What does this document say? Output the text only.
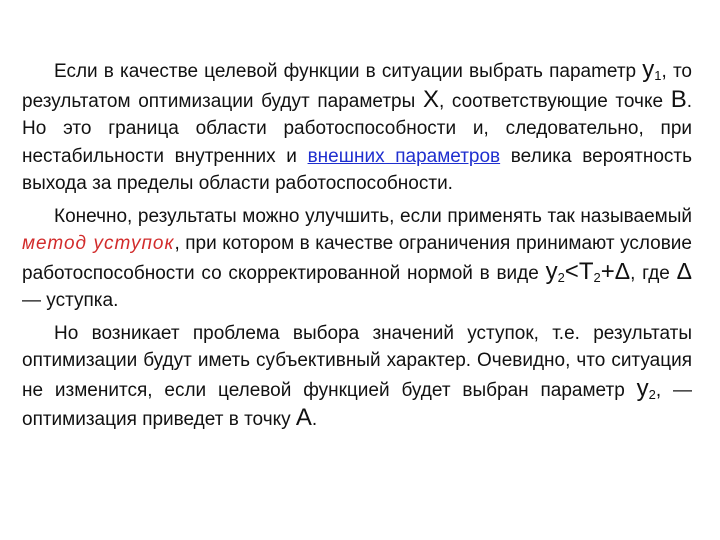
Если в качестве целевой функции в ситуации выбрать параmетр $y_1$, то результатом оптимизации будут параметры X, соответствующие точке B. Но это граница области работоспособности и, следовательно, при нестабильности внутренних и внешних параметров велика вероятность выхода за пределы области работоспособности.

Конечно, результаты можно улучшить, если применять так называемый метод уступок, при котором в качестве ограничения принимают условие работоспособности со скорректированной нормой в виде $y_2<T_2+\Delta$, где Δ— уступка.

Но возникает проблема выбора значений уступок, т.е. результаты оптимизации будут иметь субъективный характер. Очевидно, что ситуация не изменится, если целевой функцией будет выбран параметр $y_2$, — оптимизация приведет в точку A.
